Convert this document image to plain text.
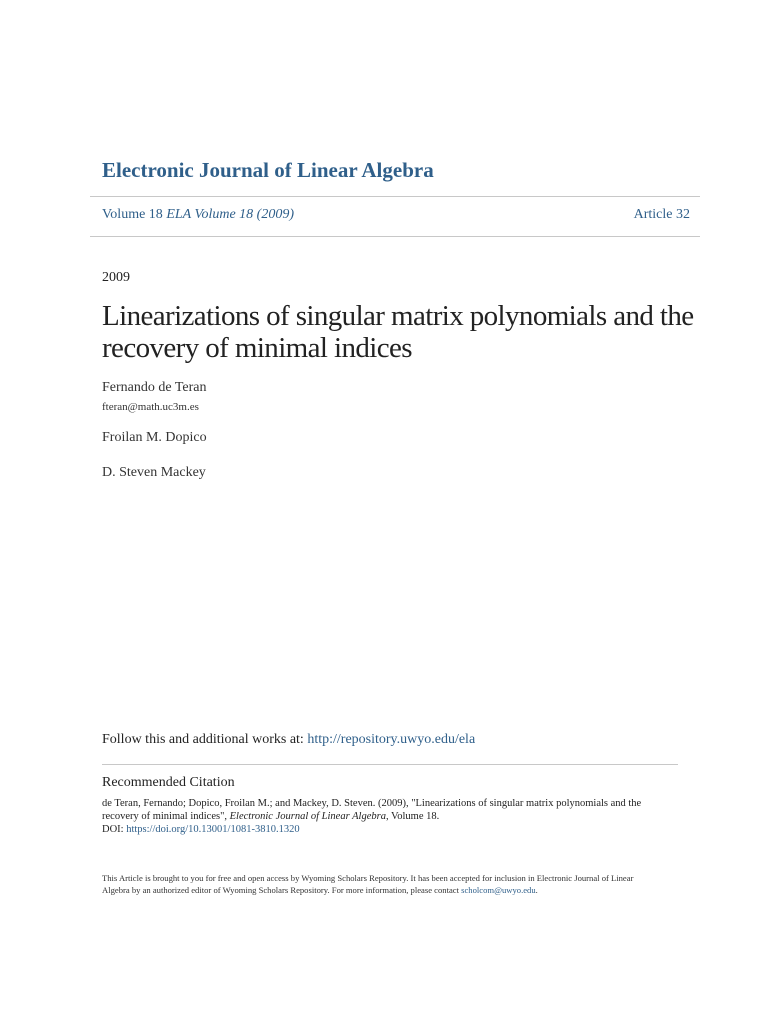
Electronic Journal of Linear Algebra
Volume 18 ELA Volume 18 (2009)	Article 32
2009
Linearizations of singular matrix polynomials and the recovery of minimal indices
Fernando de Teran
fteran@math.uc3m.es
Froilan M. Dopico
D. Steven Mackey
Follow this and additional works at: http://repository.uwyo.edu/ela
Recommended Citation
de Teran, Fernando; Dopico, Froilan M.; and Mackey, D. Steven. (2009), "Linearizations of singular matrix polynomials and the recovery of minimal indices", Electronic Journal of Linear Algebra, Volume 18.
DOI: https://doi.org/10.13001/1081-3810.1320
This Article is brought to you for free and open access by Wyoming Scholars Repository. It has been accepted for inclusion in Electronic Journal of Linear Algebra by an authorized editor of Wyoming Scholars Repository. For more information, please contact scholcom@uwyo.edu.
